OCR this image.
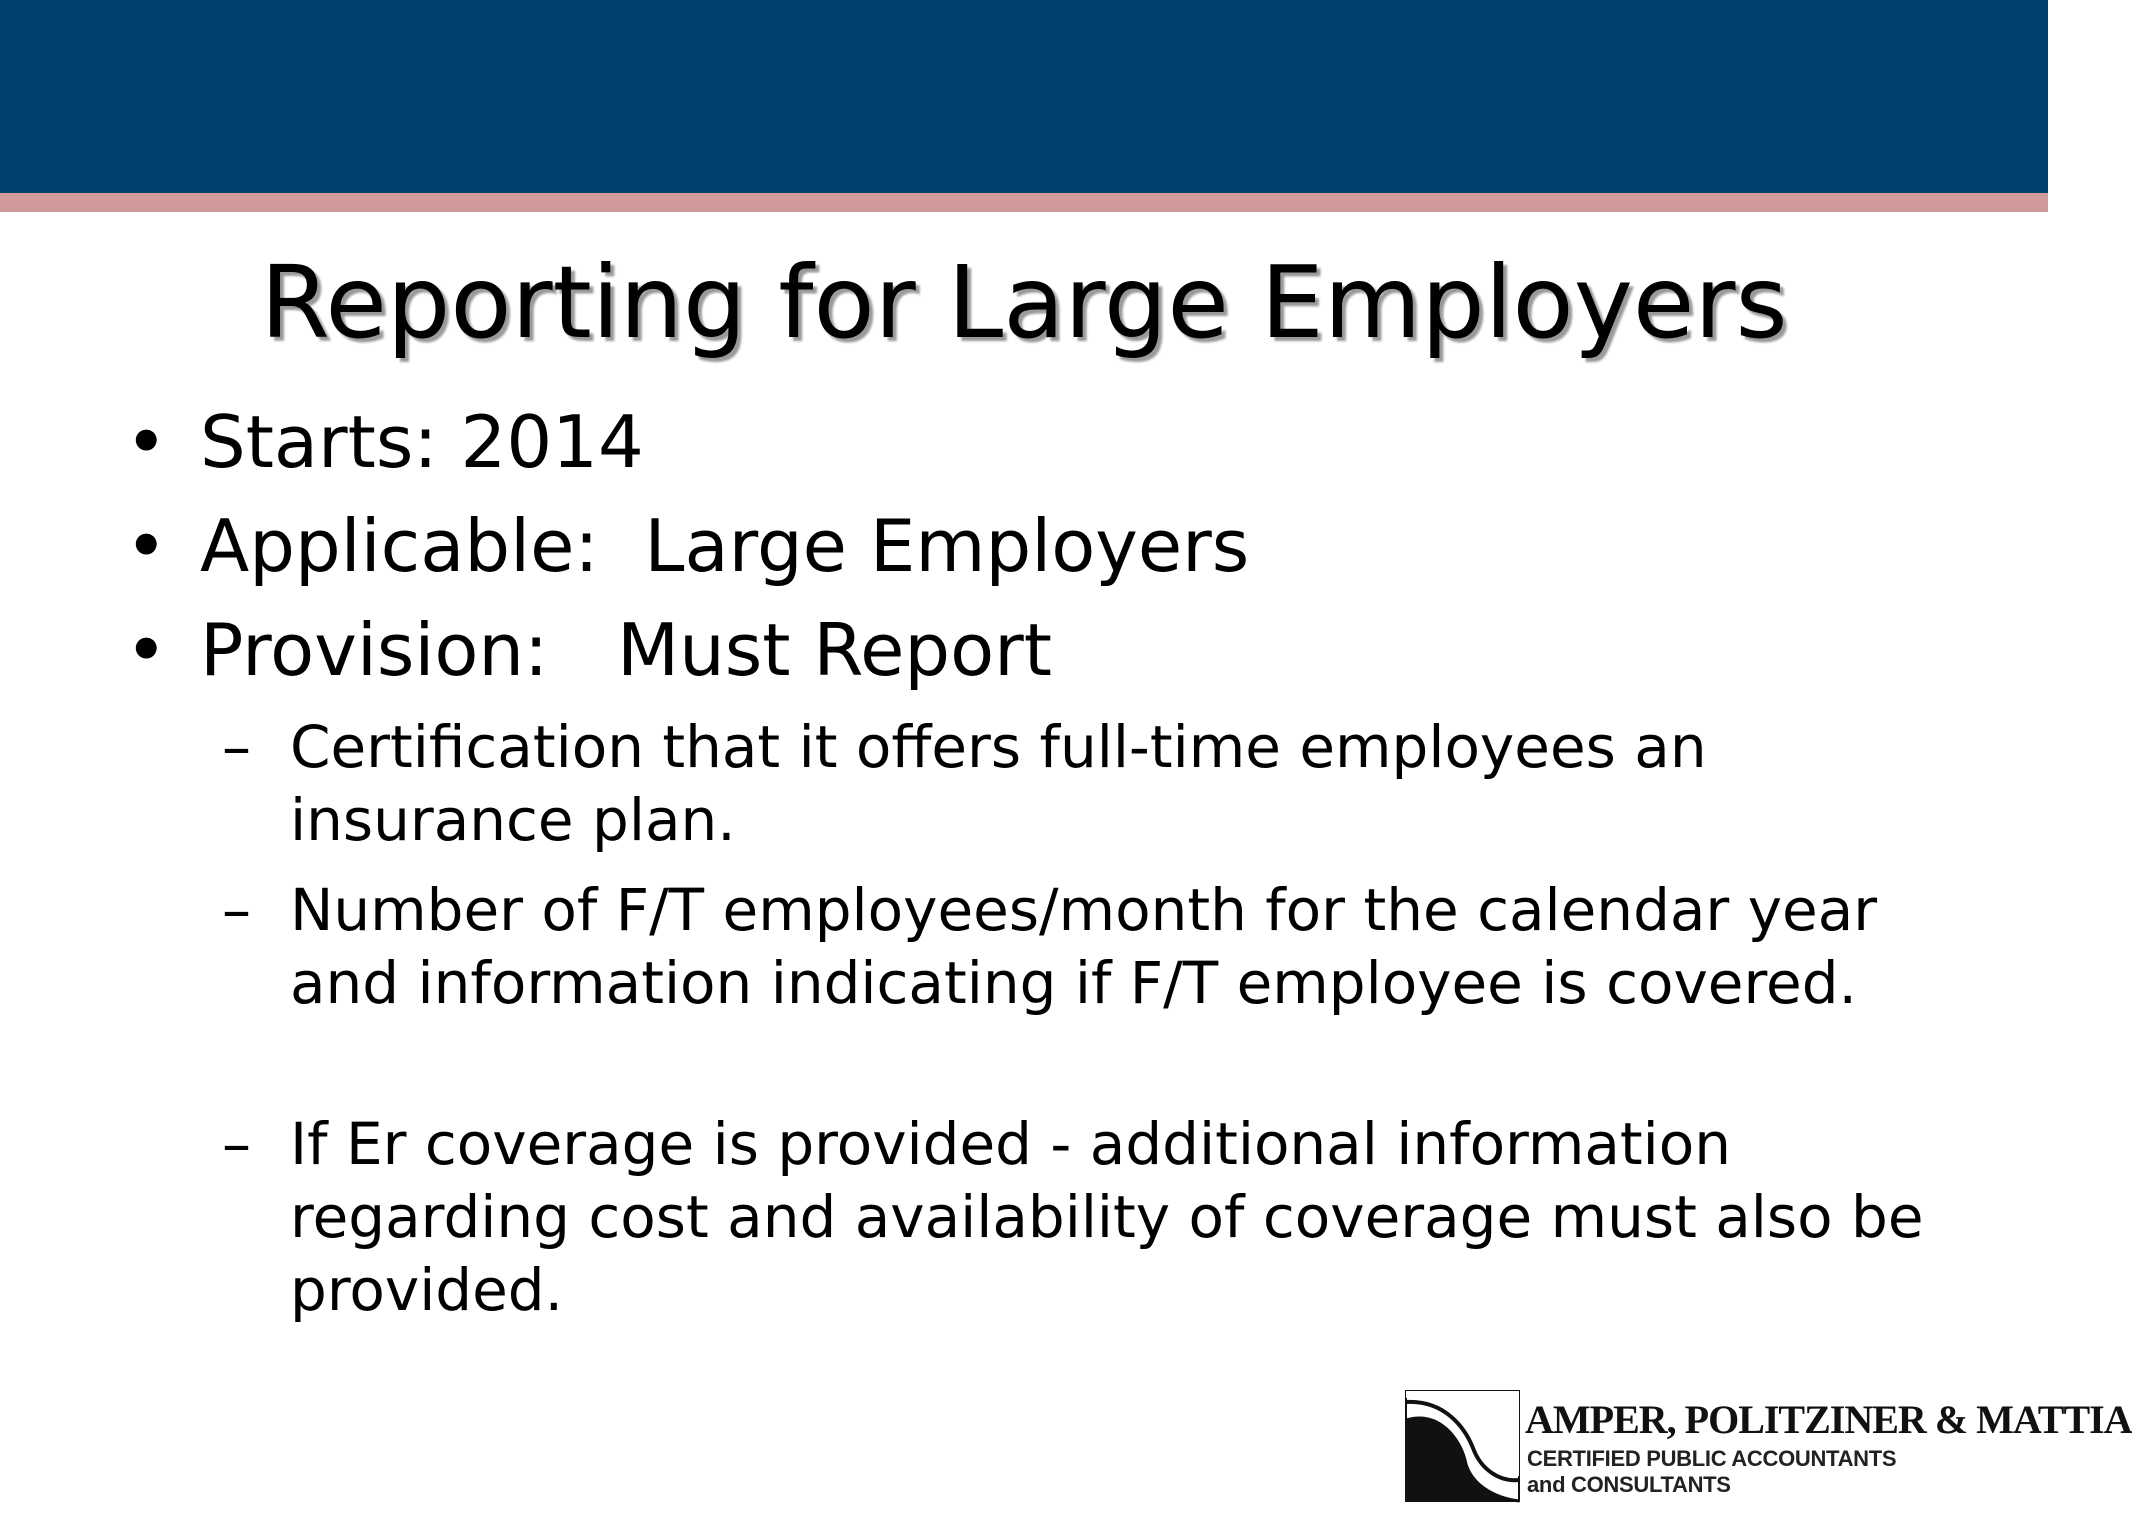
Reporting for Large Employers

•

Starts: 2014

•

Applicable:  Large Employers

•

Provision:   Must Report

– Certification that it offers full-time employees an insurance plan.
– Number of F/T employees/month for the calendar year and information indicating if F/T employee is covered.
– If Er coverage is provided - additional information regarding cost and availability of coverage must also be provided.
AMPER, POLITZINER & MATTIA
CERTIFIED PUBLIC ACCOUNTANTS
and CONSULTANTS
